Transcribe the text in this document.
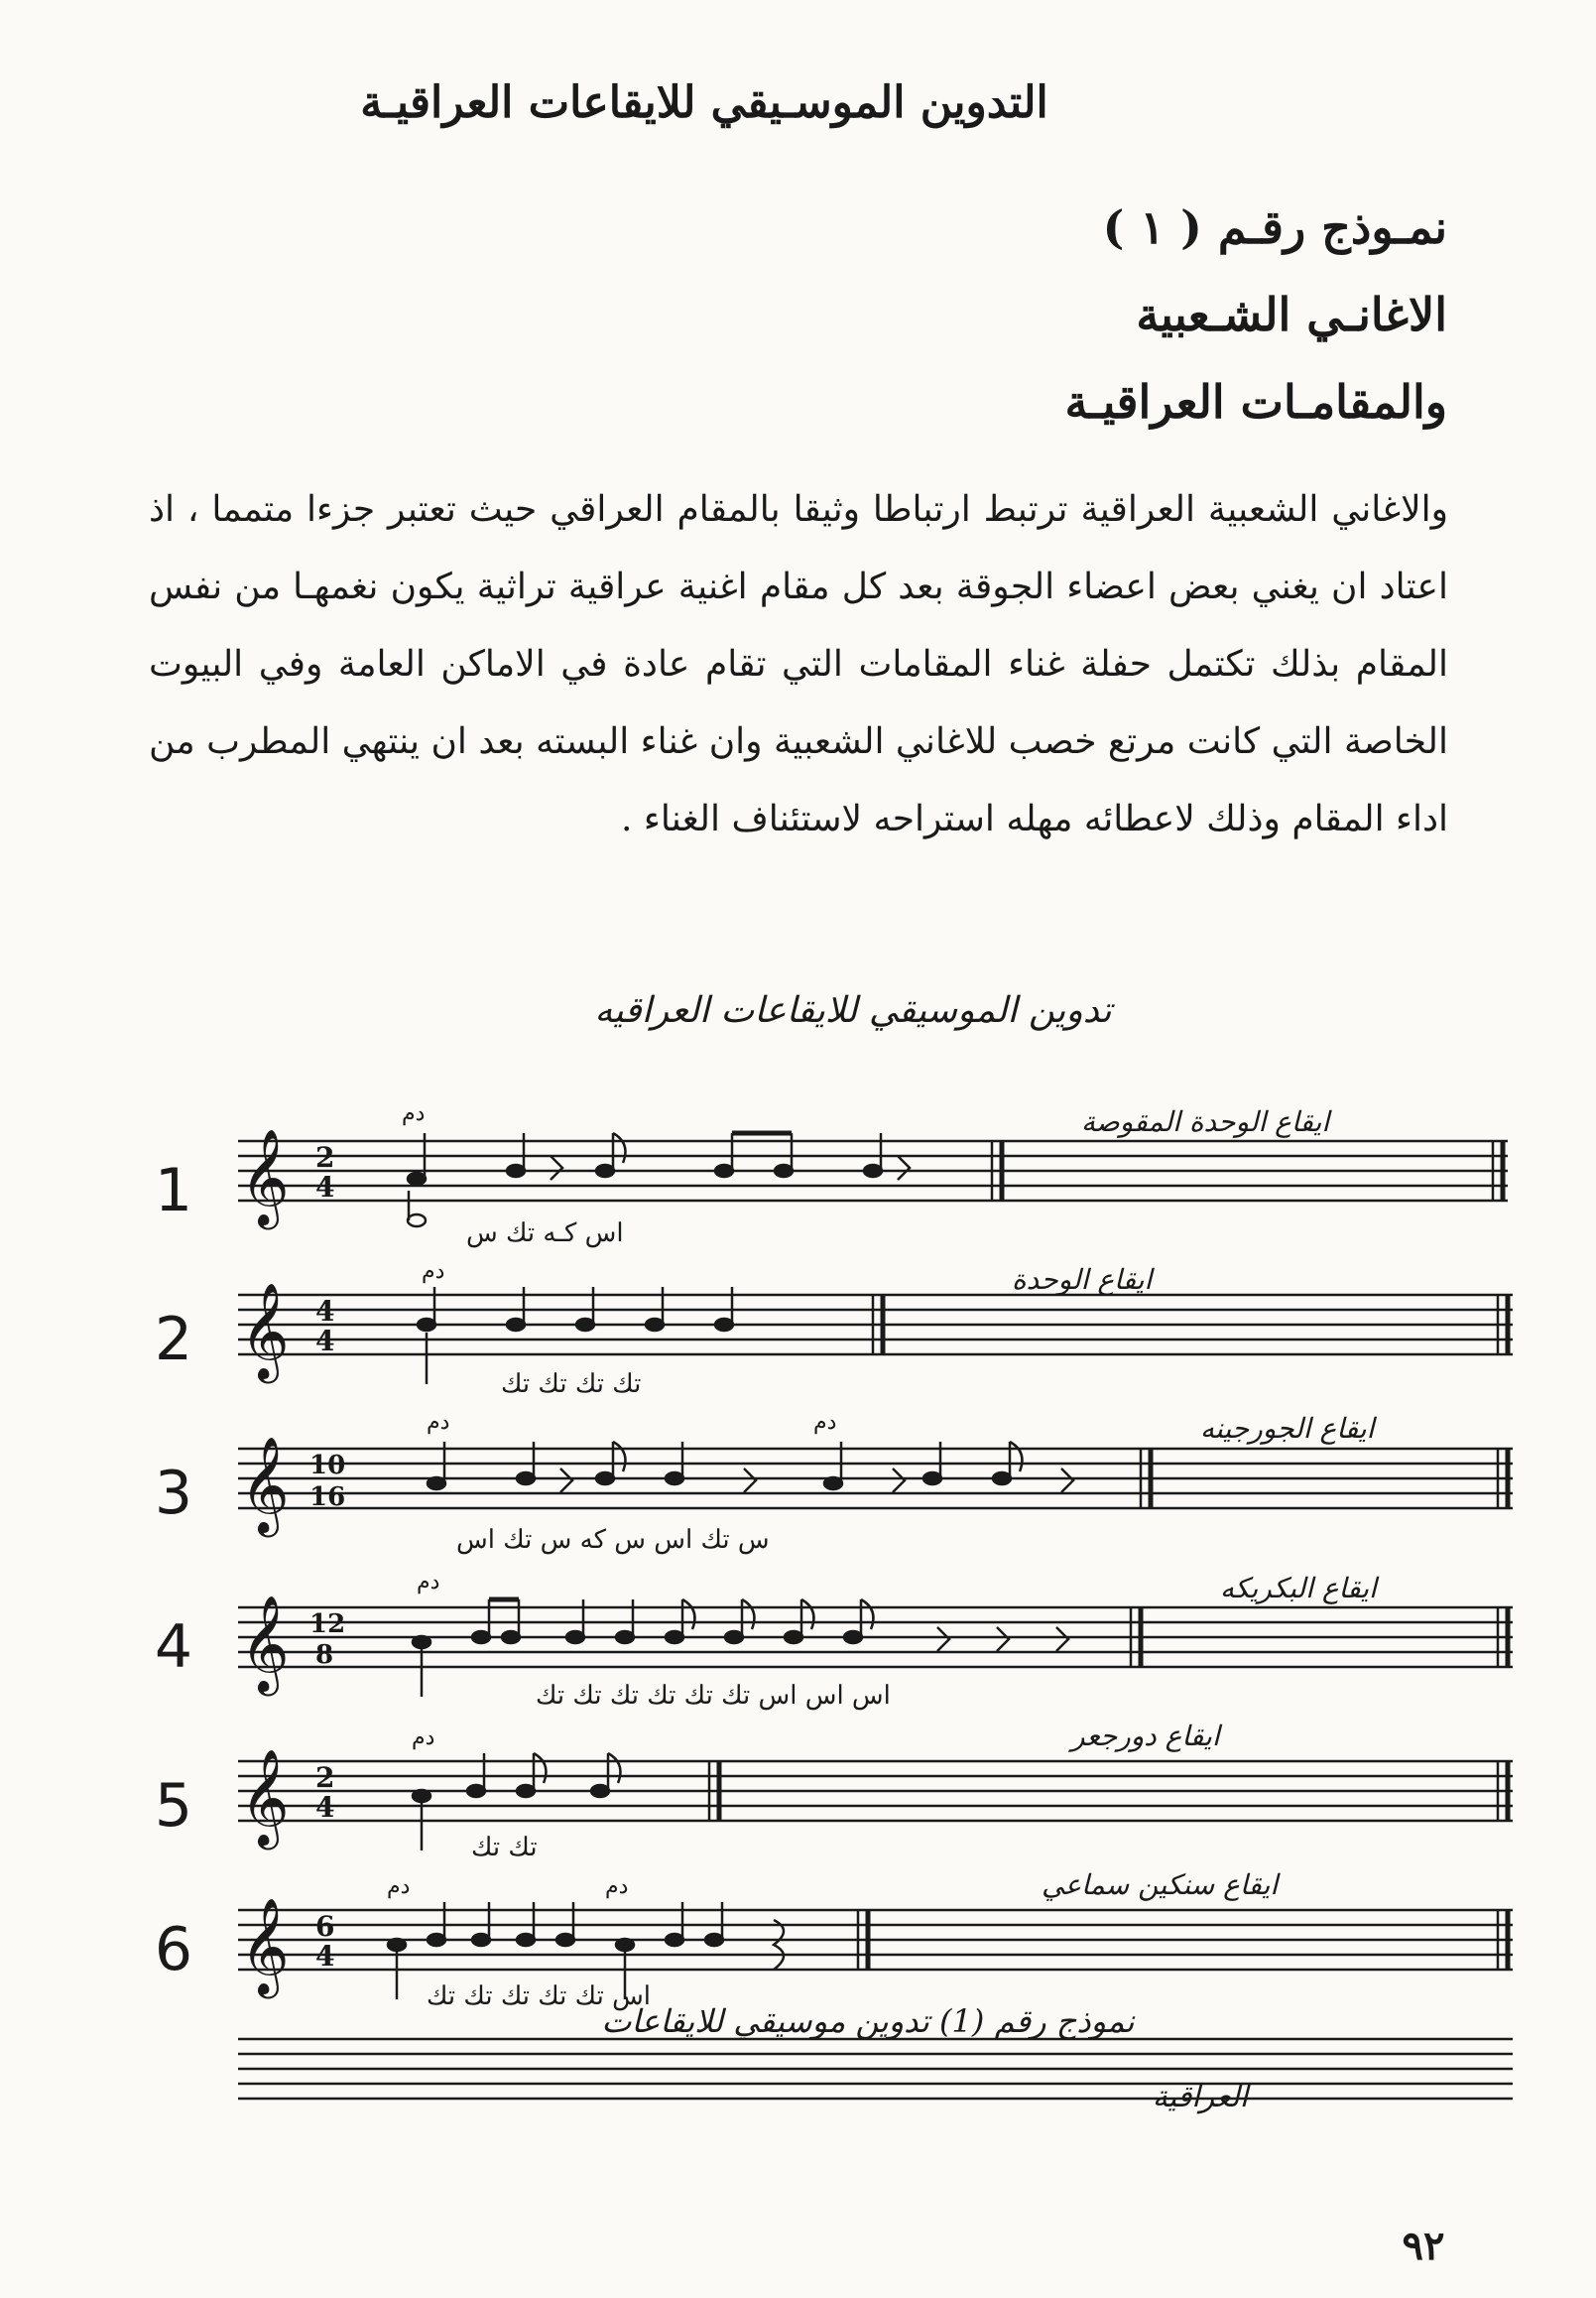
التدوين الموسـيقي للايقاعات العراقيـة
نمـوذج رقـم ( ١ )
الاغانـي الشـعبية
والمقامـات العراقيـة
والاغاني الشعبية العراقية ترتبط ارتباطا وثيقا بالمقام العراقي حيث تعتبر جزءا متمما ، اذ اعتاد ان يغني بعض اعضاء الجوقة بعد كل مقام اغنية عراقية تراثية يكون نغمهـا من نفس المقام بذلك تكتمل حفلة غناء المقامات التي تقام عادة في الاماكن العامة وفي البيوت الخاصة التي كانت مرتع خصب للاغاني الشعبية وان غناء البسته بعد ان ينتهي المطرب من اداء المقام وذلك لاعطائه مهله استراحه لاستئناف الغناء .
تدوين الموسيقي للايقاعات العراقيه
1
ايقاع الوحدة المقوصة
دم
اس كـه تك س
𝄞 2
4
2
ايقاع الوحدة
دم
تك تك تك تك
𝄞 4
4
3
ايقاع الجورجينه
دم	دم
س تك اس س كه س تك اس
𝄞 10
16
4
ايقاع البكريكه
دم
اس اس اس تك تك تك تك تك تك
𝄞 12
8
5
ايقاع دورجعر
دم
تك تك
𝄞 2
4
6
ايقاع سنكين سماعي
دم	دم
اس تك تك تك تك تك
𝄞 6
4
نموذج رقم (1) تدوين موسيقي للايقاعات
العراقية
٩٢
